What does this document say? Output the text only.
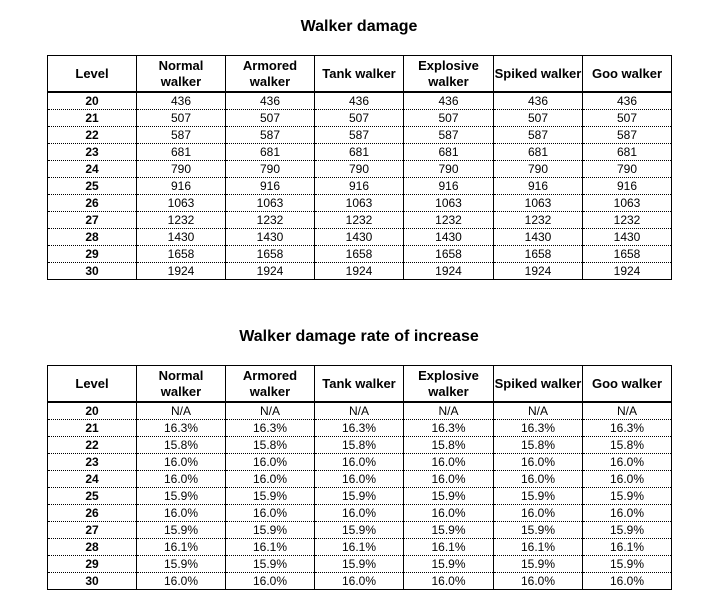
Walker damage
Level	Normal walker	Armored walker	Tank walker	Explosive walker	Spiked walker	Goo walker
20	436	436	436	436	436	436
21	507	507	507	507	507	507
22	587	587	587	587	587	587
23	681	681	681	681	681	681
24	790	790	790	790	790	790
25	916	916	916	916	916	916
26	1063	1063	1063	1063	1063	1063
27	1232	1232	1232	1232	1232	1232
28	1430	1430	1430	1430	1430	1430
29	1658	1658	1658	1658	1658	1658
30	1924	1924	1924	1924	1924	1924
Walker damage rate of increase
Level	Normal walker	Armored walker	Tank walker	Explosive walker	Spiked walker	Goo walker
20	N/A	N/A	N/A	N/A	N/A	N/A
21	16.3%	16.3%	16.3%	16.3%	16.3%	16.3%
22	15.8%	15.8%	15.8%	15.8%	15.8%	15.8%
23	16.0%	16.0%	16.0%	16.0%	16.0%	16.0%
24	16.0%	16.0%	16.0%	16.0%	16.0%	16.0%
25	15.9%	15.9%	15.9%	15.9%	15.9%	15.9%
26	16.0%	16.0%	16.0%	16.0%	16.0%	16.0%
27	15.9%	15.9%	15.9%	15.9%	15.9%	15.9%
28	16.1%	16.1%	16.1%	16.1%	16.1%	16.1%
29	15.9%	15.9%	15.9%	15.9%	15.9%	15.9%
30	16.0%	16.0%	16.0%	16.0%	16.0%	16.0%
